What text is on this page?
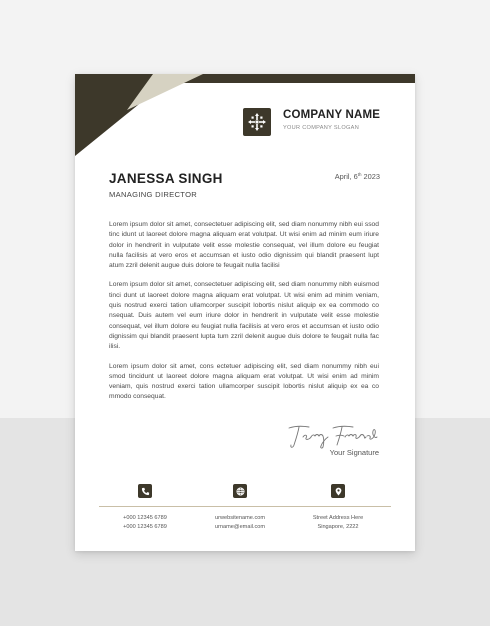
COMPANY NAME
YOUR COMPANY SLOGAN
JANESSA SINGH
MANAGING DIRECTOR
April, 6th 2023

Lorem ipsum dolor sit amet, consectetuer adipiscing elit, sed diam nonummy nibh eui ssod tinc idunt ut laoreet dolore magna aliquam erat volutpat. Ut wisi enim ad minim eum iriure dolor in hendrerit in vulputate velit esse molestie consequat, vel illum dolore eu feugiat nulla facilisis at vero eros et accumsan et iusto odio dignissim qui blandit praesent lupt atum zzril delenit augue duis dolore te feugait nulla facilisi

Lorem ipsum dolor sit amet, consectetuer adipiscing elit, sed diam nonummy nibh euismod tinci dunt ut laoreet dolore magna aliquam erat volutpat. Ut wisi enim ad minim veniam, quis nostrud exerci tation ullamcorper suscipit lobortis nislut aliquip ex ea commodo co nsequat. Duis autem vel eum iriure dolor in hendrerit in vulputate velit esse molestie consequat, vel illum dolore eu feugiat nulla facilisis at vero eros et accumsan et iusto odio dignissim qui blandit praesent lupta tum zzril delenit augue duis dolore te feugait nulla fac ilisi.

Lorem ipsum dolor sit amet, cons ectetuer adipiscing elit, sed diam nonummy nibh eui smod tincidunt ut laoreet dolore magna aliquam erat volutpat. Ut wisi enim ad minim veniam, quis nostrud exerci tation ullamcorper suscipit lobortis nislut aliquip ex ea co mmodo consequat.

Your Signature
+000 12345 6789
+000 12345 6789
urwebsitename.com
urname@email.com
Street Address Here
Singapore, 2222
